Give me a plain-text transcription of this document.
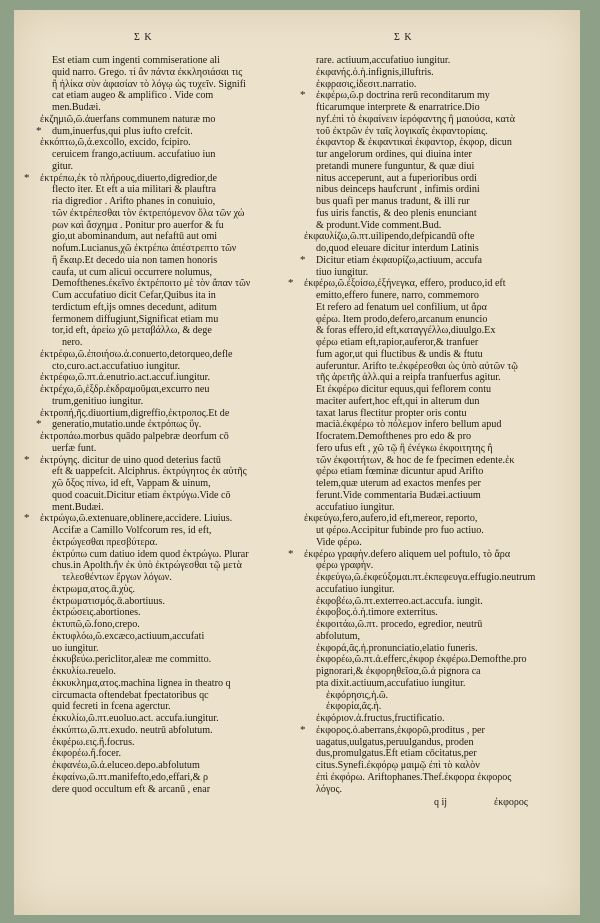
Σ Κ	Σ Κ
Est etiam cum ingenti commiseratione ali
quid narro. Grego. τί ἂν πάντα ἐκκλησιάσαι τις
ἢ ἡλίκα σὺν ἀφασίαν τὸ λόγῳ ὡς τυχεῖν. Signifi
cat etiam augeo & amplifico . Vide com
men.Budæi.
ἐκζημιῶ,ῶ.ἀuerfans communem naturæ mo
* dum,inuerfus,qui plus iufto crefcit.
ἐκκόπτω,ῶ,ἀ.excollo, excido, fcipiro.
ceruicem frango,actiuum. accufatiuo iun
gitur.
* ἐκτρέπω,ἐκ τὸ πλήρους,diuerto,digredior,de
flecto iter. Et eft a uia militari & plauftra
ria digredior . Arifto phanes in conuiuio,
τῶν ἐκτρέπεσθαι τὸν ἐκτρεπόμενον ὅλα τῶν χώ
ρων καὶ ἄσχημα . Ponitur pro auerfor & fu
gio,ut abominandum, aut nefaftū aut omi
nofum.Lucianus,χῶ ἐκτρέπω ἀπέστρεπτο τῶν
ἢ ἔκαιρ.Et decedo uia non tamen honoris
caufa, ut cum alicui occurrere nolumus,
Demofthenes.ἐκεῖνο ἐκτρέποιτο μὲ τὸν ἄπαν τῶν
Cum accufatiuo dicit Cefar,Quibus ita in
terdictum eft,ijs omnes decedunt, aditum
fermonem diffugiunt,Significat etiam mu
tor,id eft, ἀρείω χῶ μεταβάλλω, & dege
nero.
ἐκτρέφω,ῶ.ἐποιήσω.ἀ.conuerto,detorqueo,defle
cto,curo.act.accufatiuo iungitur.
ἐκτρέφω,ῶ.πτ.ἀ.enutrio.act.accuf.iungitur.
ἐκτρέχω,ῶ,ἐξδρ.ἐκδραμοῦμαι,excurro neu
trum,genitiuo iungitur.
ἐκτροπή,ῆς.diuortium,digreffio,ἐκτροπος.Et de
* generatio,mutatio.unde ἐκτρόπως ὕγ.
ἐκτροπάω.morbus quādo palpebræ deorfum cō
uerfæ funt.
* ἐκτρύγης. dicitur de uino quod deterius factū
eft & uappefcit. Alciphrus. ἐκτρύγητος ἐκ αὐτῆς
χῶ ὄξος πίνω, id eft, Vappam & uinum,
quod coacuit.Dicitur etiam ἐκτρύγω.Vide cō
ment.Budæi.
* ἐκτρώγω,ῶ.extenuare,oblinere,accidere. Liuius.
Accifæ a Camillo Volfcorum res, id eft,
ἐκτρώγεσθαι πρεσβύτερα.
ἐκτρύπω cum datiuo idem quod ἐκτρώγω. Plurar
chus.in Apolth.ἢν ἐκ ὑπὸ ἐκτρώγεσθαι τῷ μετὰ
τελεσθέντων ἔργων λόγων.
ἐκτρωμα,ατος.ᾱ.χὺς.
ἐκτρωματισμός.ᾱ.abortiuus.
ἐκτρώσεις.abortiones.
ἐκτυπῶ,ῶ.fono,crepo.
ἐκτυφλόω,ῶ.excæco,actiuum,accufati
uo iungitur.
ἐκκυβεύω.periclitor,aleæ me committo.
ἐκκυλίω.reuelo.
ἐκκυκλημα,ατος.machina lignea in theatro q
circumacta oftendebat fpectatoribus qc
quid fecreti in fcena agerctur.
ἐκκυλίω,ῶ.πτ.euoluo.act. accufa.iungitur.
ἐκκύπτω,ῶ.πτ.exudo. neutrū abfolutum.
ἐκφέρω.εις.ἢ.focrus.
ἐκφορέω.ἢ.focer.
ἐκφανέω,ῶ.ἀ.eluceo.depo.abfolutum
ἐκφαίνω,ῶ.πτ.manifefto,edo,effari,& ρ
dere quod occultum eft & arcanū , enar
rare. actiuum,accufatiuo iungitur.
ἐκφανής.ὁ.ἡ.infignis,illuftris.
ἐκφρασις,ἰδεσιτ.narratio.
* ἐκφέρω,ῶ.p doctrina rerū reconditarum my
fticarumque interprete & enarratrice.Dio
nyf.ἐπὶ τὸ ἐκφαίνειν ἱερόφαντης ἢ μαιούσα, κατὰ
τοῦ ἐκτρῶν ἐν ταῖς λογικαῖς ἐκφαντορίαις.
ἐκφαντορ & ἐκφαντικαὶ ἐκφαντορ, ἐκφορ, dicun
tur angelorum ordines, qui diuina inter
pretandi munere funguntur, & quæ diui
nitus acceperunt, aut a fuperioribus ordi
nibus deinceps haufcrunt , infimis ordini
bus quafi per manus tradunt, & illi rur
fus uiris fanctis, & deo plenis enunciant
& produnt.Vide comment.Bud.
ἐκφαυλίζω,ῶ.πτ.uilipendo,defpicandū ofte
do,quod eleuare dicitur interdum Latinis
* Dicitur etiam ἐκφαυρίζω,actiuum, accufa
tiuo iungitur.
* ἐκφέρω,ῶ.ἐξοίσω,ἐξήνεγκα, effero, produco,id eft
emitto,effero funere, narro, commemoro
Et refero ad fenatum uel confilium, ut ἄρα
φέρω. Item prodo,defero,arcanum enuncio
& foras effero,id eft,καταγγέλλω,diuulgo.Ex
φέρω etiam eft,rapior,auferor,& tranfuer
fum agor,ut qui fluctibus & undis & ftutu
auferuntur. Arifto te.ἐκφέρεσθαι ὡς ὑπὸ αὐτῶν τῷ
τῆς ἀρετῆς ἀλλ.qui a reipfa tranfuerfus agitur.
Et ἐκφέρω dicitur equus,qui feflorem contu
maciter aufert,hoc eft,qui in alterum dun
taxat larus flectitur propter oris contu
macià.ἐκφέρω τὸ πόλεμον infero bellum apud
Ifocratem.Demofthenes pro edo & pro
fero ufus eft , χῶ τῷ ἢ ἐνέγκω ἐκφοιτητης ἢ
τῶν ἐκφοιτήτων, & hoc de fe fpecimen edente.ἐκ
φέρω etiam fœminæ dicuntur apud Arifto
telem,quæ uterum ad exactos menfes per
ferunt.Vide commentaria Budæi.actiuum
accufatiuo iungitur.
ἐκφεύγω,fero,aufero,id eft,mereor, reporto,
ut φέρω.Accipitur fubinde pro fuo actiuo.
Vide φέρω.
* ἐκφέρω γραφὴν.defero aliquem uel poftulo, τὸ ἄρα
φέρω γραφὴν.
ἐκφεύγω,ῶ.ἐκφεύξομαι.πτ.ἐκπεφευγα.effugio.neutrum
accufatiuo iungitur.
ἐκφοβέω,ῶ.πτ.exterreo.act.accufa. iungit.
ἐκφοβος.ὁ.ἡ.timore exterritus.
ἐκφοιτάω,ῶ.πτ. procedo, egredior, neutrū
abfolutum,
ἐκφορά,ᾶς.ἡ.pronunciatio,elatio funeris.
ἐκφορέω,ῶ.πτ.ἀ.efferc,ἐκφορ ἐκφέρω.Demofthe.pro
pignorari,& ἐκφορηθεῖσα,ῶ.ἀ pignora ca
pta dixit.actiuum,accufatiuo iungitur.
ἐκφόρησις,ἡ.ῶ.
ἐκφορία,ᾶς.ἡ.
ἐκφόριον.ἀ.fructus,fructificatio.
* ἐκφορος.ὁ.aberrans,ἐκφορῶ,proditus , per
uagatus,uulgatus,peruulgandus, proden
dus,promulgatus.Eft etiam cōcitatus,per
citus.Synefi.ἐκφόρῳ μαιμῷ ἐπὶ τὸ καλὸν
ἐπὶ ἐκφόρω. Ariftophanes.Thef.ἐκφορα ἐκφορος
λόγος.
q ij	ἐκφορος
